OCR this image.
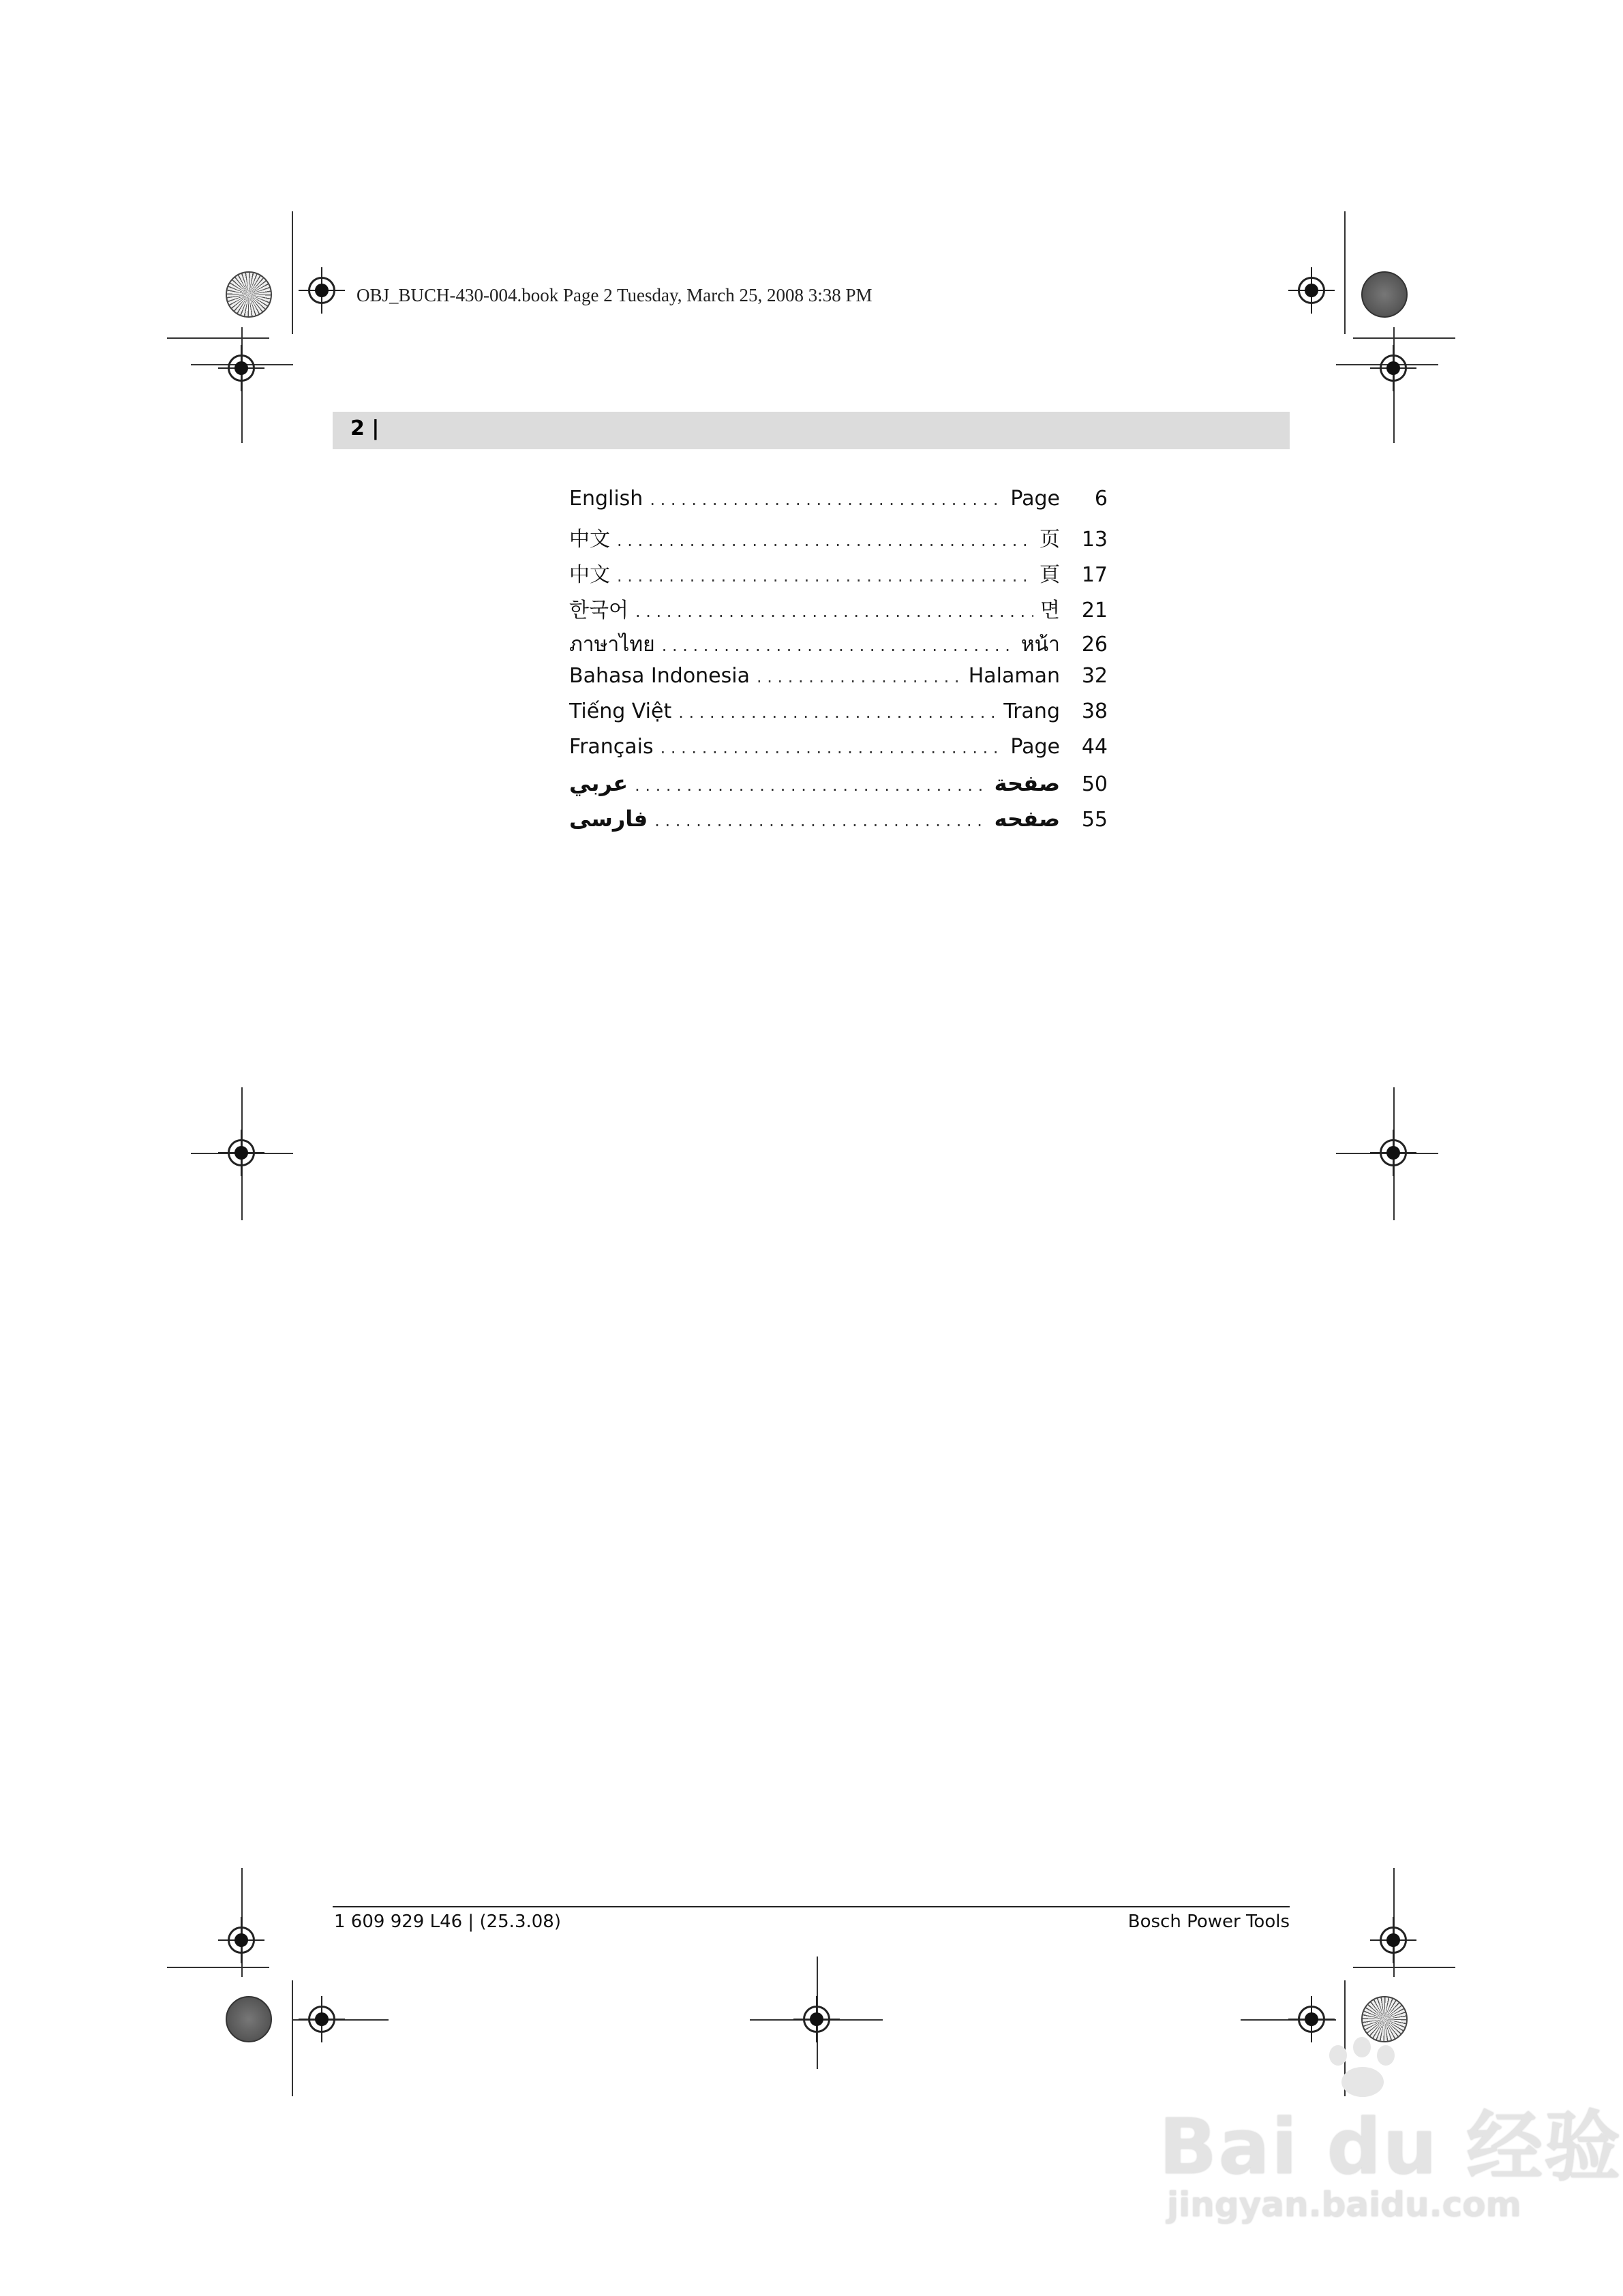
OBJ_BUCH-430-004.book Page 2 Tuesday, March 25, 2008 3:38 PM
2 |
English . . .	Page	6
中文 . . .	页	13
中文 . . .	頁	17
한국어 . . .	면	21
ภาษาไทย . . .	หน้า	26
Bahasa Indonesia . . .	Halaman	32
Tiếng Việt . . .	Trang	38
Français . . .	Page	44
عربي . . .	صفحة	50
فارسی . . .	صفحه	55
1 609 929 L46 | (25.3.08)	Bosch Power Tools
Bai du 经验
jingyan.baidu.com
